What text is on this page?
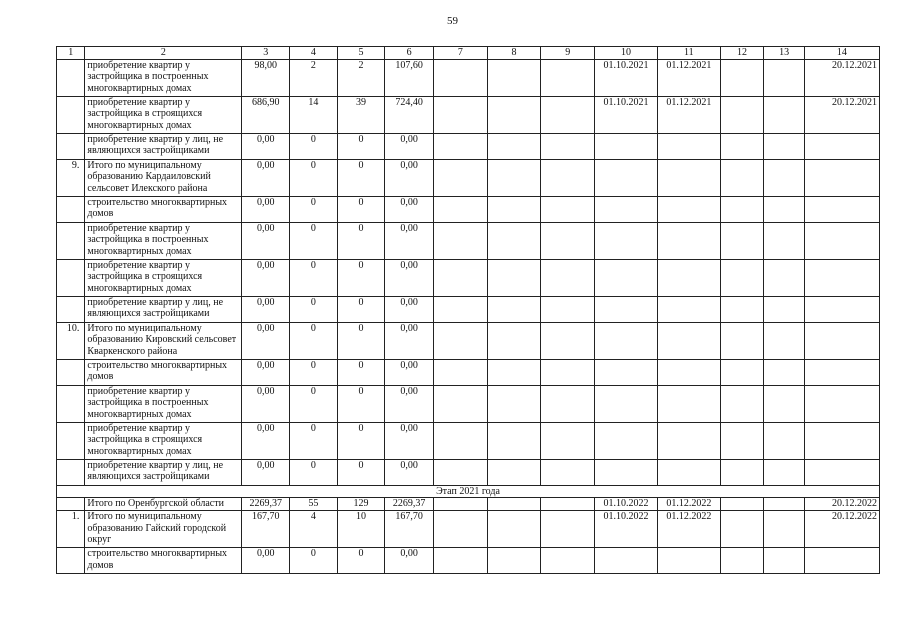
59
1	2	3	4	5	6	7	8	9	10	11	12	13	14
	приобретение квартир у застройщика в построенных многоквартирных домах	98,00	2	2	107,60				01.10.2021	01.12.2021			20.12.2021
	приобретение квартир у застройщика в строящихся многоквартирных домах	686,90	14	39	724,40				01.10.2021	01.12.2021			20.12.2021
	приобретение квартир у лиц, не являющихся застройщиками	0,00	0	0	0,00								
9.	Итого по муниципальному образованию Кардаиловский сельсовет Илекского района	0,00	0	0	0,00								
	строительство многоквартирных домов	0,00	0	0	0,00								
	приобретение квартир у застройщика в построенных многоквартирных домах	0,00	0	0	0,00								
	приобретение квартир у застройщика в строящихся многоквартирных домах	0,00	0	0	0,00								
	приобретение квартир у лиц, не являющихся застройщиками	0,00	0	0	0,00								
10.	Итого по муниципальному образованию Кировский сельсовет Кваркенского района	0,00	0	0	0,00								
	строительство многоквартирных домов	0,00	0	0	0,00								
	приобретение квартир у застройщика в построенных многоквартирных домах	0,00	0	0	0,00								
	приобретение квартир у застройщика в строящихся многоквартирных домах	0,00	0	0	0,00								
	приобретение квартир у лиц, не являющихся застройщиками	0,00	0	0	0,00								
Этап 2021 года													
	Итого по Оренбургской области	2269,37	55	129	2269,37				01.10.2022	01.12.2022			20.12.2022
1.	Итого по муниципальному образованию Гайский городской округ	167,70	4	10	167,70				01.10.2022	01.12.2022			20.12.2022
	строительство многоквартирных домов	0,00	0	0	0,00								
